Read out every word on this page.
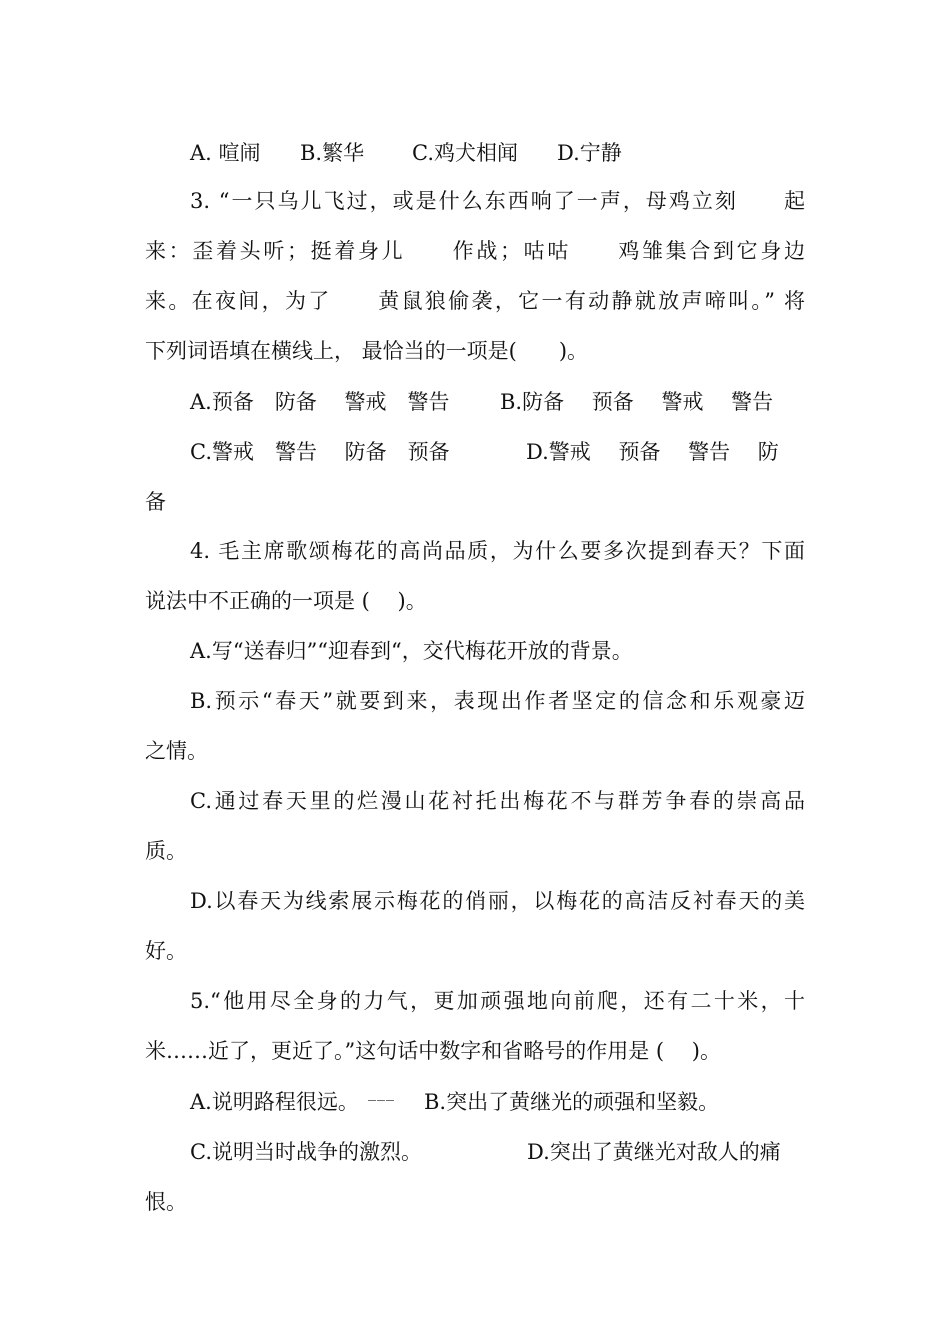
A. 喧闹 B.繁华 C.鸡犬相闻 D.宁静
3. “一只乌儿飞过，或是什么东西响了一声，母鸡立刻　　起
来：歪着头听；挺着身儿　　作战；咕咕　　鸡雏集合到它身边
来。在夜间，为了　　黄鼠狼偷袭，它一有动静就放声啼叫。” 将
下列词语填在横线上， 最恰当的一项是(　　)。
A.预备　防备　 警戒　警告 B.防备　 预备　 警戒　 警告
C.警戒　警告　 防备　预备	D.警戒　 预备　 警告　 防
备
4. 毛主席歌颂梅花的高尚品质，为什么要多次提到春天？下面
说法中不正确的一项是 (　 )。
A.写“送春归”“迎春到“，交代梅花开放的背景。
B.预示“春天”就要到来，表现出作者坚定的信念和乐观豪迈
之情。
C.通过春天里的烂漫山花衬托出梅花不与群芳争春的崇高品
质。
D.以春天为线索展示梅花的俏丽，以梅花的高洁反衬春天的美
好。
5.“他用尽全身的力气，更加顽强地向前爬，还有二十米，十
米……近了，更近了。”这句话中数字和省略号的作用是 (　 )。
A.说明路程很远。 ___ B.突出了黄继光的顽强和坚毅。
C.说明当时战争的激烈。	D.突出了黄继光对敌人的痛
恨。
